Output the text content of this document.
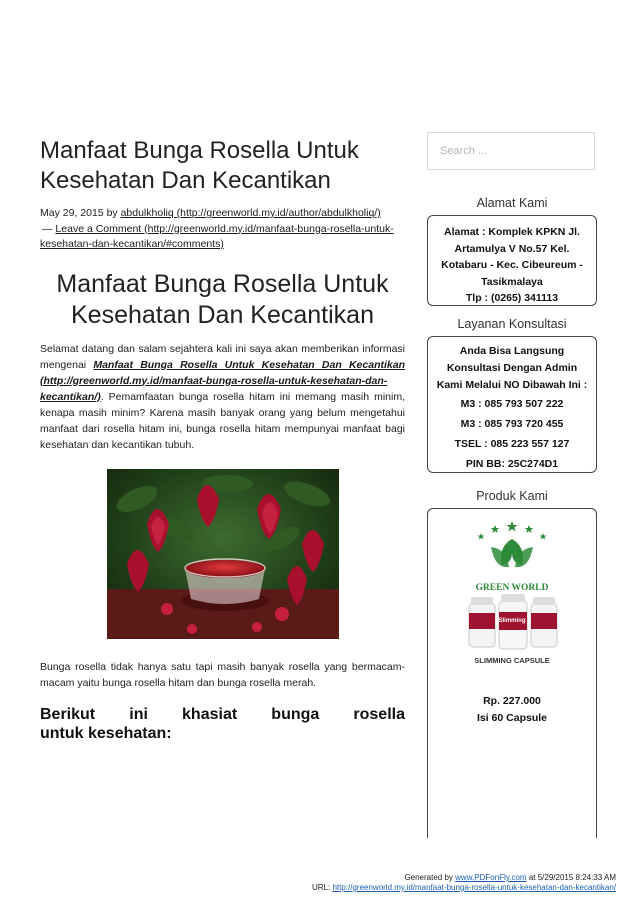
Manfaat Bunga Rosella Untuk Kesehatan Dan Kecantikan
May 29, 2015 by abdulkholiq (http://greenworld.my.id/author/abdulkholiq/)
— Leave a Comment (http://greenworld.my.id/manfaat-bunga-rosella-untuk-kesehatan-dan-kecantikan/#comments)
Manfaat Bunga Rosella Untuk Kesehatan Dan Kecantikan
Selamat datang dan salam sejahtera kali ini saya akan memberikan informasi mengenai Manfaat Bunga Rosella Untuk Kesehatan Dan Kecantikan (http://greenworld.my.id/manfaat-bunga-rosella-untuk-kesehatan-dan-kecantikan/). Pemamfaatan bunga rosella hitam ini memang masih minim, kenapa masih minim? Karena masih banyak orang yang belum mengetahui manfaat dari rosella hitam ini, bunga rosella hitam mempunyai manfaat bagi kesehatan dan kecantikan tubuh.
Bunga rosella tidak hanya satu tapi masih banyak rosella yang bermacam-macam yaitu bunga rosella hitam dan bunga rosella merah.
Berikut ini khasiat bunga rosella
untuk kesehatan:
Search ...
Alamat Kami
Alamat : Komplek KPKN Jl.
Artamulya V No.57 Kel.
Kotabaru - Kec. Cibeureum -
Tasikmalaya
Tlp : (0265) 341113
Layanan Konsultasi
Anda Bisa Langsung
Konsultasi Dengan Admin
Kami Melalui NO Dibawah Ini :
M3 : 085 793 507 222
M3 : 085 793 720 455
TSEL : 085 223 557 127
PIN BB: 25C274D1
Produk Kami
GREEN WORLD
Slimming
SLIMMING CAPSULE
Rp. 227.000
Isi 60 Capsule
Generated by www.PDFonFly.com at 5/29/2015 8:24:33 AM
URL: http://greenworld.my.id/manfaat-bunga-rosella-untuk-kesehatan-dan-kecantikan/
